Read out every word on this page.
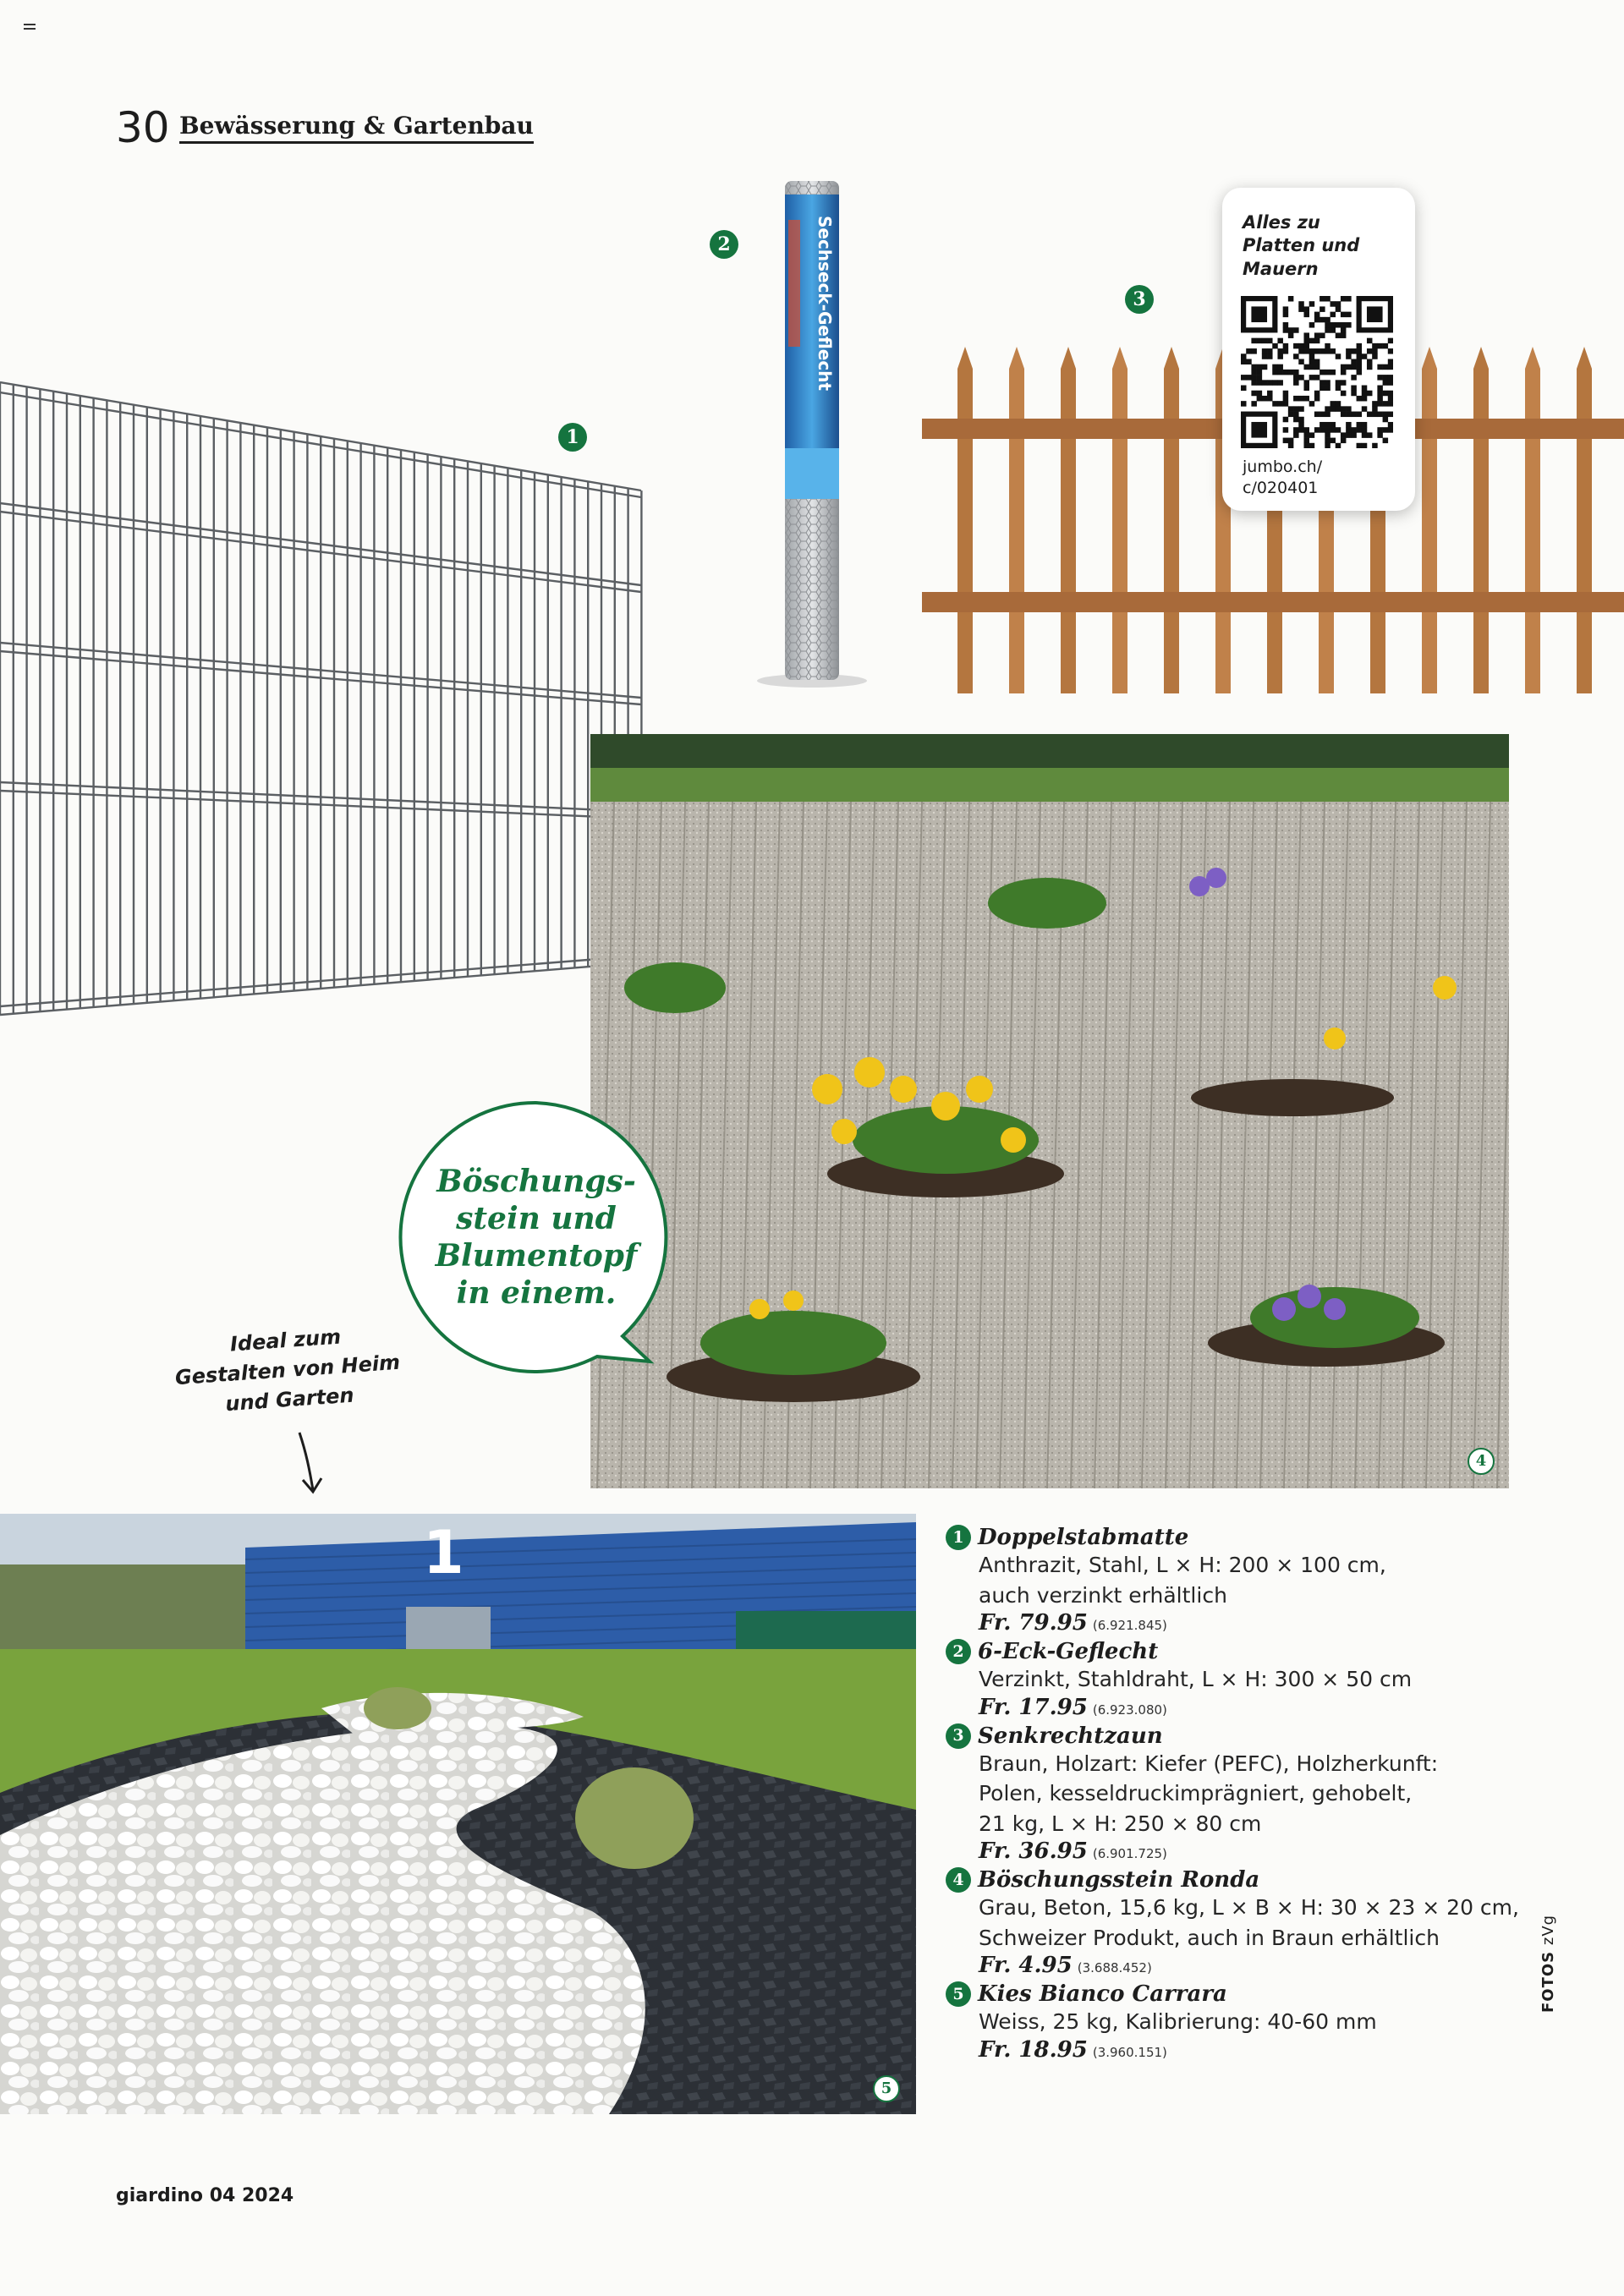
30 Bewässerung & Gartenbau
1
Sechseck-Geflecht
2
3
Alles zu
Platten und
Mauern
jumbo.ch/
c/020401
4
Böschungs-
stein und
Blumentopf
in einem.
Ideal zum
Gestalten von Heim
und Garten
1
5
1 Doppelstabmatte
Anthrazit, Stahl, L × H: 200 × 100 cm,
auch verzinkt erhältlich
Fr. 79.95 (6.921.845)
2 6-Eck-Geflecht
Verzinkt, Stahldraht, L × H: 300 × 50 cm
Fr. 17.95 (6.923.080)
3 Senkrechtzaun
Braun, Holzart: Kiefer (PEFC), Holzherkunft:
Polen, kesseldruckimprägniert, gehobelt,
21 kg, L × H: 250 × 80 cm
Fr. 36.95 (6.901.725)
4 Böschungsstein Ronda
Grau, Beton, 15,6 kg, L × B × H: 30 × 23 × 20 cm,
Schweizer Produkt, auch in Braun erhältlich
Fr. 4.95 (3.688.452)
5 Kies Bianco Carrara
Weiss, 25 kg, Kalibrierung: 40-60 mm
Fr. 18.95 (3.960.151)
FOTOS zVg
giardino 04 2024
